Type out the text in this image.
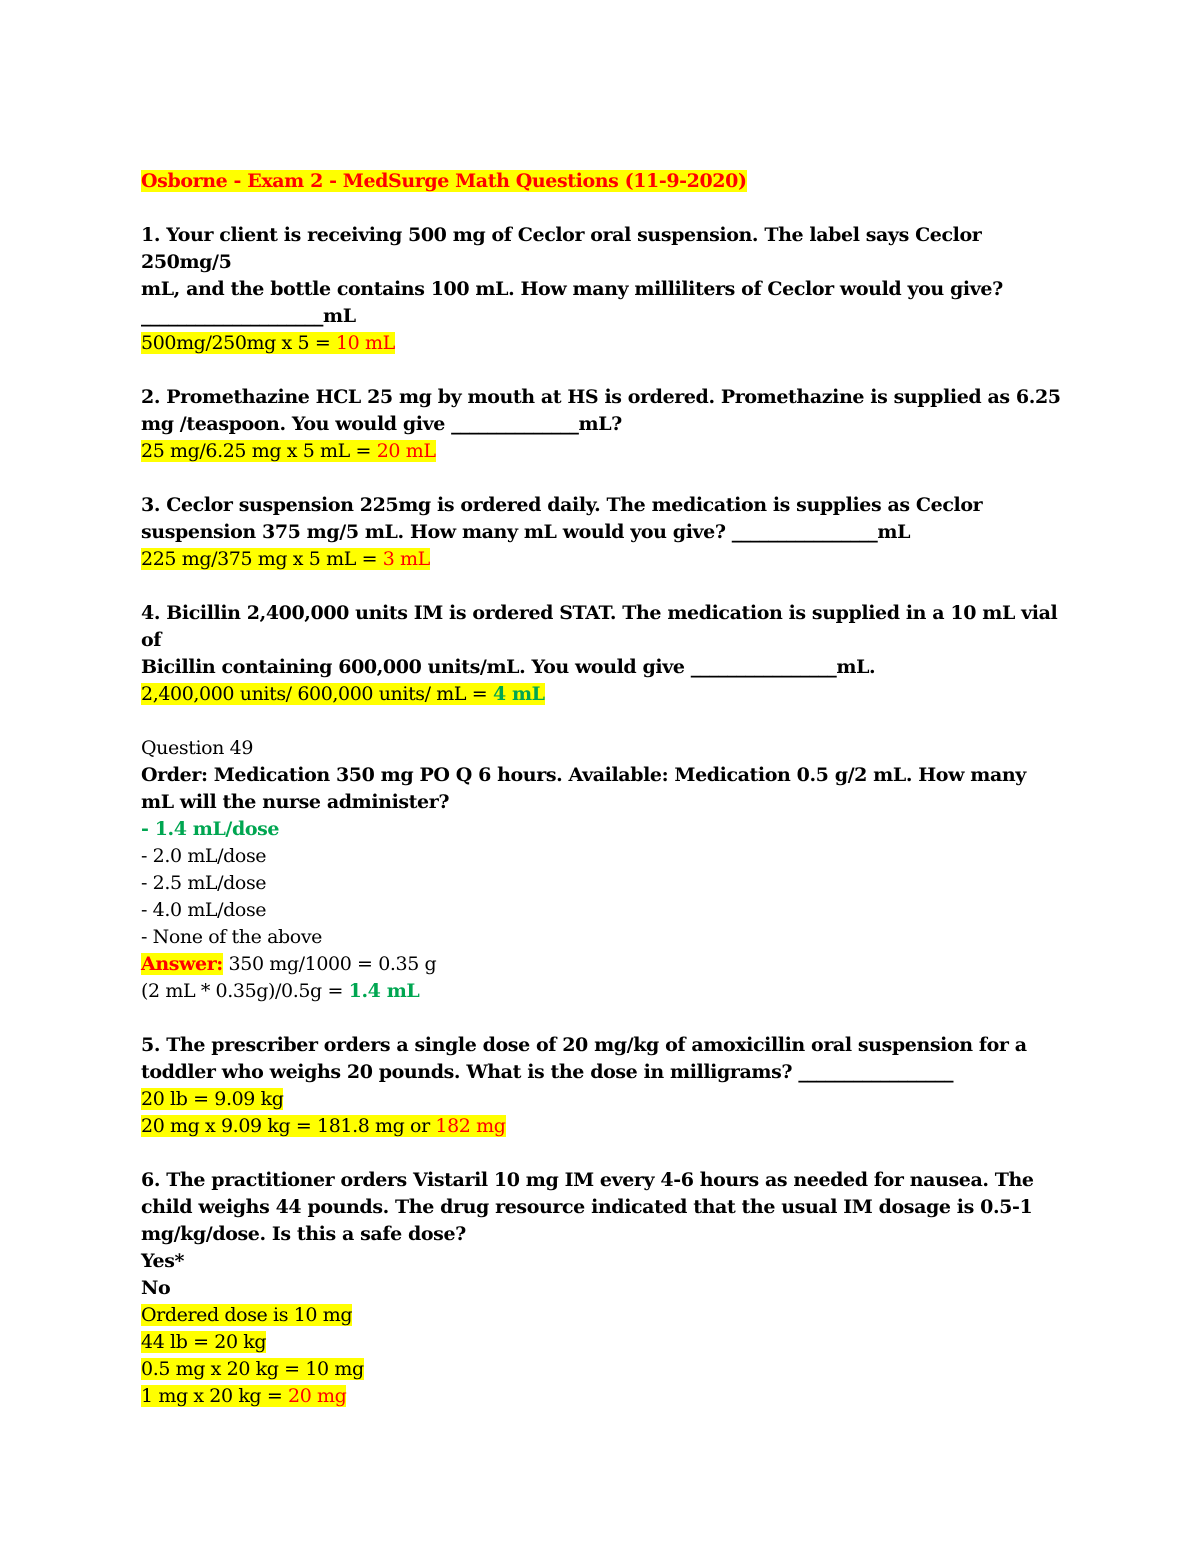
Osborne - Exam 2 - MedSurge Math Questions (11-9-2020)
1. Your client is receiving 500 mg of Ceclor oral suspension. The label says Ceclor 250mg/5
mL, and the bottle contains 100 mL. How many milliliters of Ceclor would you give?
____________________mL
500mg/250mg x 5 = 10 mL
2. Promethazine HCL 25 mg by mouth at HS is ordered. Promethazine is supplied as 6.25
mg /teaspoon. You would give ______________mL?
25 mg/6.25 mg x 5 mL = 20 mL
3. Ceclor suspension 225mg is ordered daily. The medication is supplies as Ceclor
suspension 375 mg/5 mL. How many mL would you give? ________________mL
225 mg/375 mg x 5 mL = 3 mL
4. Bicillin 2,400,000 units IM is ordered STAT. The medication is supplied in a 10 mL vial of
Bicillin containing 600,000 units/mL. You would give ________________mL.
2,400,000 units/ 600,000 units/ mL = 4 mL
Question 49
Order: Medication 350 mg PO Q 6 hours. Available: Medication 0.5 g/2 mL. How many
mL will the nurse administer?
- 1.4 mL/dose
- 2.0 mL/dose
- 2.5 mL/dose
- 4.0 mL/dose
- None of the above
Answer: 350 mg/1000 = 0.35 g
(2 mL * 0.35g)/0.5g = 1.4 mL
5. The prescriber orders a single dose of 20 mg/kg of amoxicillin oral suspension for a
toddler who weighs 20 pounds. What is the dose in milligrams? _________________
20 lb = 9.09 kg
20 mg x 9.09 kg = 181.8 mg or 182 mg
6. The practitioner orders Vistaril 10 mg IM every 4-6 hours as needed for nausea. The
child weighs 44 pounds. The drug resource indicated that the usual IM dosage is 0.5-1
mg/kg/dose. Is this a safe dose?
Yes*
No
Ordered dose is 10 mg
44 lb = 20 kg
0.5 mg x 20 kg = 10 mg
1 mg x 20 kg = 20 mg
